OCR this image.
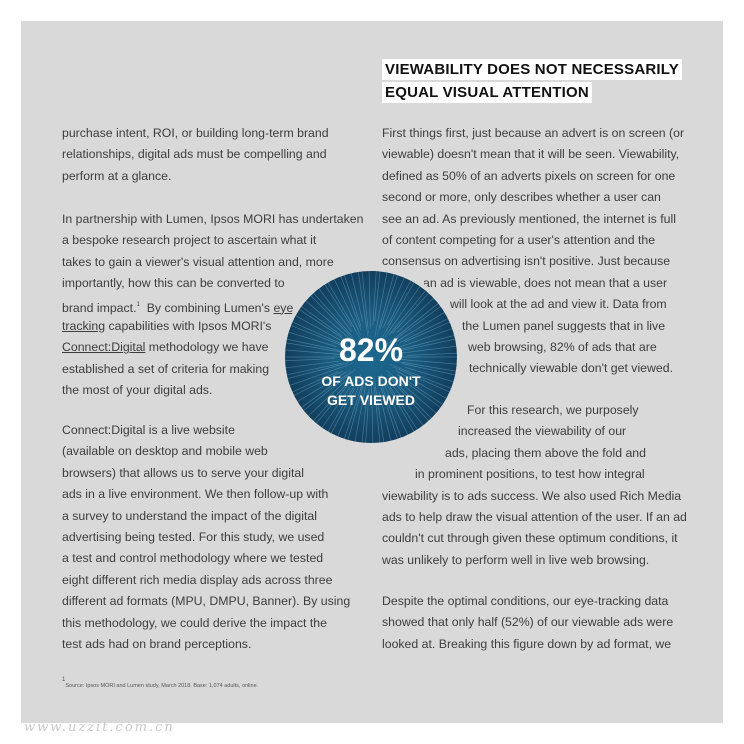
VIEWABILITY DOES NOT NECESSARILY
EQUAL VISUAL ATTENTION
purchase intent, ROI, or building long-term brand
relationships, digital ads must be compelling and
perform at a glance.
In partnership with Lumen, Ipsos MORI has undertaken
a bespoke research project to ascertain what it
takes to gain a viewer's visual attention and, more
importantly, how this can be converted to
brand impact.$^1$  By combining Lumen's eye
tracking capabilities with Ipsos MORI's
Connect:Digital methodology we have
established a set of criteria for making
the most of your digital ads.
Connect:Digital is a live website
(available on desktop and mobile web
browsers) that allows us to serve your digital
ads in a live environment. We then follow-up with
a survey to understand the impact of the digital
advertising being tested. For this study, we used
a test and control methodology where we tested
eight different rich media display ads across three
different ad formats (MPU, DMPU, Banner). By using
this methodology, we could derive the impact the
test ads had on brand perceptions.
First things first, just because an advert is on screen (or
viewable) doesn't mean that it will be seen. Viewability,
defined as 50% of an adverts pixels on screen for one
second or more, only describes whether a user can
see an ad. As previously mentioned, the internet is full
of content competing for a user's attention and the
consensus on advertising isn't positive. Just because
an ad is viewable, does not mean that a user
will look at the ad and view it. Data from
the Lumen panel suggests that in live
web browsing, 82% of ads that are
technically viewable don't get viewed.
For this research, we purposely
increased the viewability of our
ads, placing them above the fold and
in prominent positions, to test how integral
viewability is to ads success. We also used Rich Media
ads to help draw the visual attention of the user. If an ad
couldn't cut through given these optimum conditions, it
was unlikely to perform well in live web browsing.
Despite the optimal conditions, our eye-tracking data
showed that only half (52%) of our viewable ads were
looked at. Breaking this figure down by ad format, we
82%
OF ADS DON'T
GET VIEWED
$^1$Source: Ipsos MORI and Lumen study, March 2018. Base: 1,074 adults, online.
www.uzzit.com.cn
